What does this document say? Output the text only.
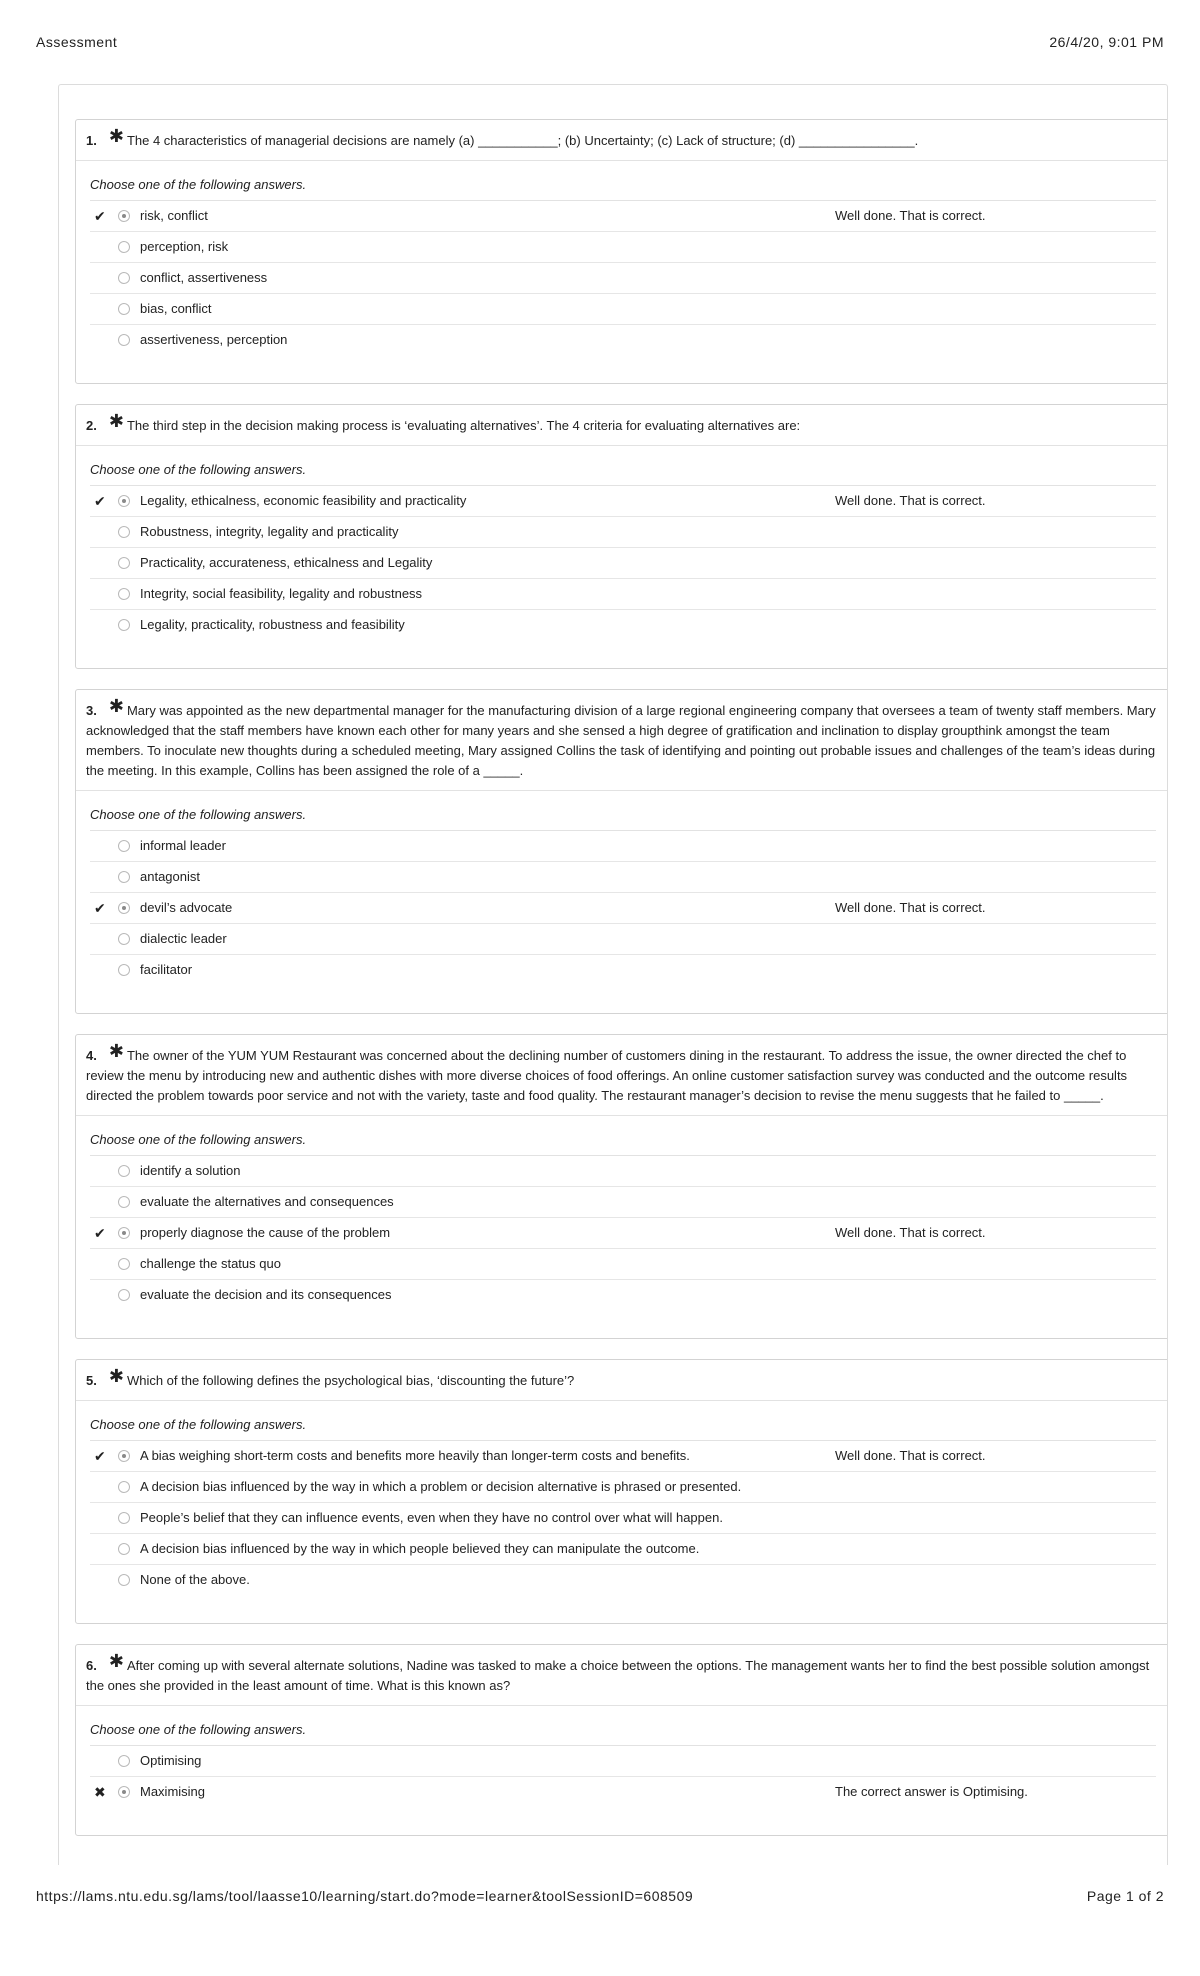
Assessment	26/4/20, 9:01 PM
1. ✱ The 4 characteristics of managerial decisions are namely (a) ___________; (b) Uncertainty; (c) Lack of structure; (d) ________________.
Choose one of the following answers.
✔	risk, conflict	Well done. That is correct.
perception, risk
conflict, assertiveness
bias, conflict
assertiveness, perception
2. ✱ The third step in the decision making process is ‘evaluating alternatives’. The 4 criteria for evaluating alternatives are:
Choose one of the following answers.
✔	Legality, ethicalness, economic feasibility and practicality	Well done. That is correct.
Robustness, integrity, legality and practicality
Practicality, accurateness, ethicalness and Legality
Integrity, social feasibility, legality and robustness
Legality, practicality, robustness and feasibility
3. ✱ Mary was appointed as the new departmental manager for the manufacturing division of a large regional engineering company that oversees a team of twenty staff members. Mary acknowledged that the staff members have known each other for many years and she sensed a high degree of gratification and inclination to display groupthink amongst the team members. To inoculate new thoughts during a scheduled meeting, Mary assigned Collins the task of identifying and pointing out probable issues and challenges of the team’s ideas during the meeting. In this example, Collins has been assigned the role of a _____.
Choose one of the following answers.
informal leader
antagonist
✔	devil’s advocate	Well done. That is correct.
dialectic leader
facilitator
4. ✱ The owner of the YUM YUM Restaurant was concerned about the declining number of customers dining in the restaurant. To address the issue, the owner directed the chef to review the menu by introducing new and authentic dishes with more diverse choices of food offerings. An online customer satisfaction survey was conducted and the outcome results directed the problem towards poor service and not with the variety, taste and food quality. The restaurant manager’s decision to revise the menu suggests that he failed to _____.
Choose one of the following answers.
identify a solution
evaluate the alternatives and consequences
✔	properly diagnose the cause of the problem	Well done. That is correct.
challenge the status quo
evaluate the decision and its consequences
5. ✱ Which of the following defines the psychological bias, ‘discounting the future’?
Choose one of the following answers.
✔	A bias weighing short-term costs and benefits more heavily than longer-term costs and benefits.	Well done. That is correct.
A decision bias influenced by the way in which a problem or decision alternative is phrased or presented.
People’s belief that they can influence events, even when they have no control over what will happen.
A decision bias influenced by the way in which people believed they can manipulate the outcome.
None of the above.
6. ✱ After coming up with several alternate solutions, Nadine was tasked to make a choice between the options. The management wants her to find the best possible solution amongst the ones she provided in the least amount of time. What is this known as?
Choose one of the following answers.
Optimising
✖	Maximising	The correct answer is Optimising.
https://lams.ntu.edu.sg/lams/tool/laasse10/learning/start.do?mode=learner&toolSessionID=608509	Page 1 of 2
